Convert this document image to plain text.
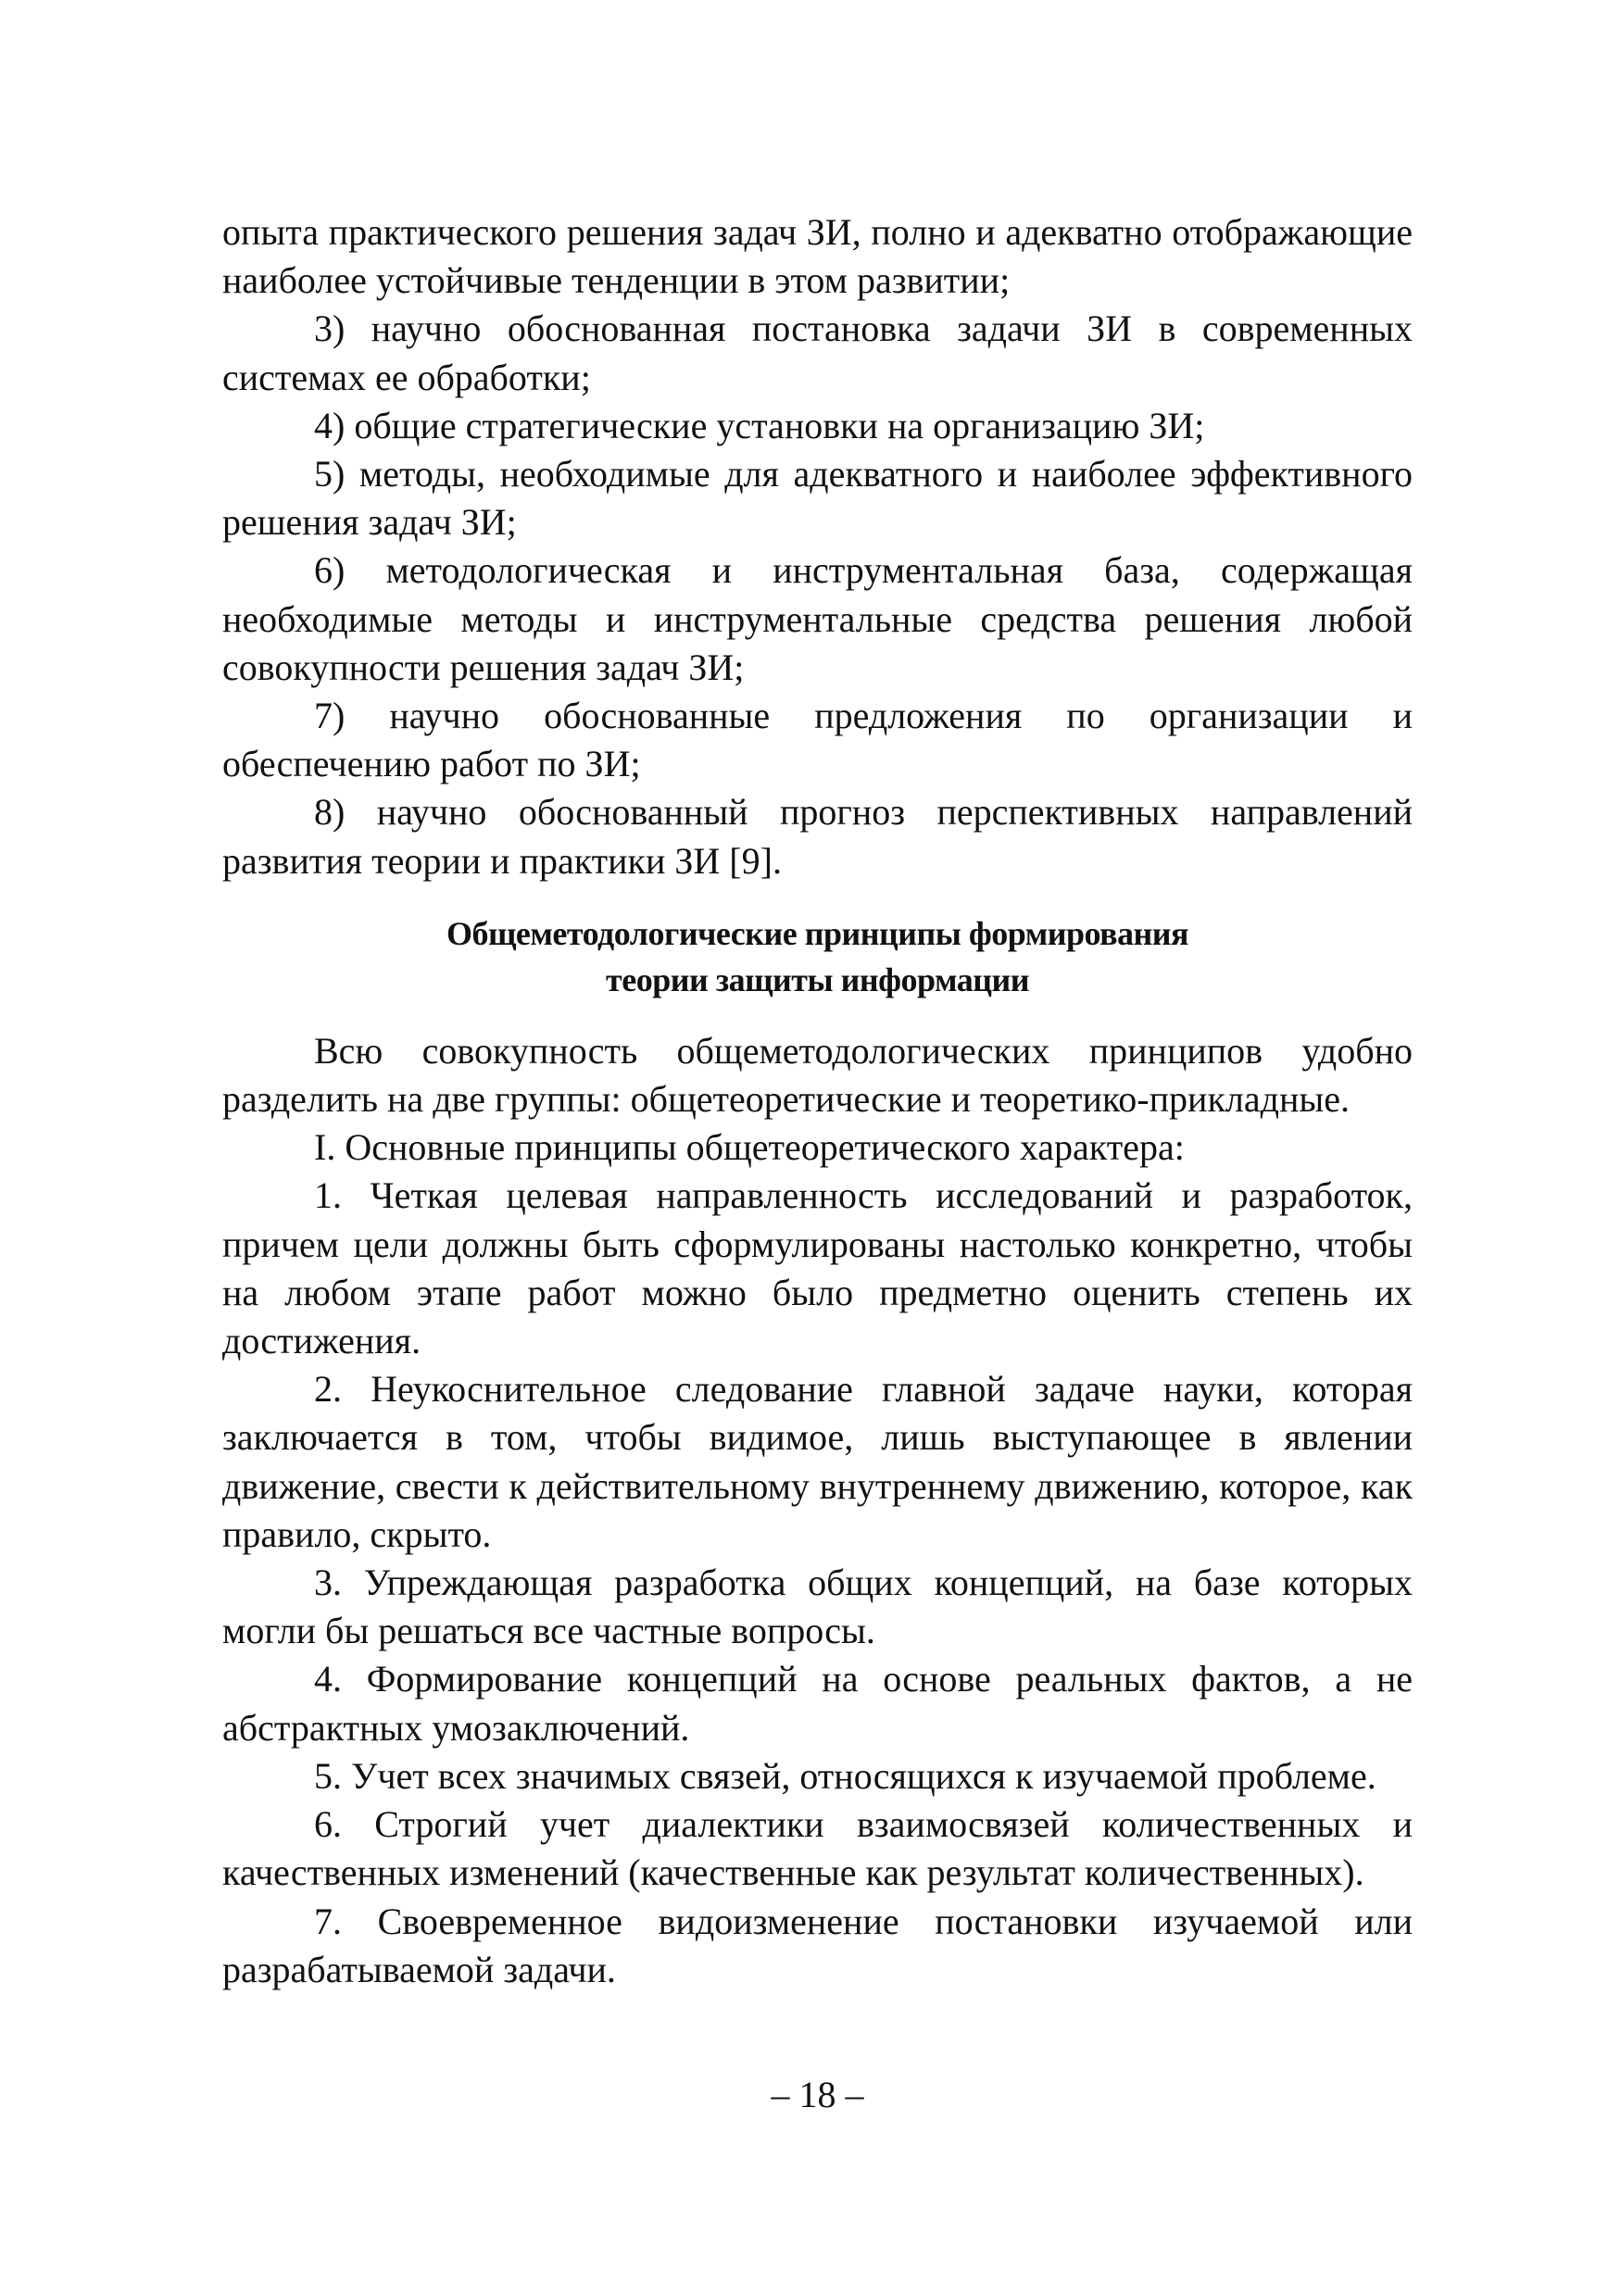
опыта практического решения задач ЗИ, полно и адекватно отображающие наиболее устойчивые тенденции в этом развитии;

3) научно обоснованная постановка задачи ЗИ в современных системах ее обработки;

4) общие стратегические установки на организацию ЗИ;

5) методы, необходимые для адекватного и наиболее эффективного решения задач ЗИ;

6) методологическая и инструментальная база, содержащая необходимые методы и инструментальные средства решения любой совокупности решения задач ЗИ;

7) научно обоснованные предложения по организации и обеспечению работ по ЗИ;

8) научно обоснованный прогноз перспективных направлений развития теории и практики ЗИ [9].

Общеметодологические принципы формирования
теории защиты информации

Всю совокупность общеметодологических принципов удобно разделить на две группы: общетеоретические и теоретико-прикладные.

I. Основные принципы общетеоретического характера:

1. Четкая целевая направленность исследований и разработок, причем цели должны быть сформулированы настолько конкретно, чтобы на любом этапе работ можно было предметно оценить степень их достижения.

2. Неукоснительное следование главной задаче науки, которая заключается в том, чтобы видимое, лишь выступающее в явлении движение, свести к действительному внутреннему движению, которое, как правило, скрыто.

3. Упреждающая разработка общих концепций, на базе которых могли бы решаться все частные вопросы.

4. Формирование концепций на основе реальных фактов, а не абстрактных умозаключений.

5. Учет всех значимых связей, относящихся к изучаемой проблеме.

6. Строгий учет диалектики взаимосвязей количественных и качественных изменений (качественные как результат количественных).

7. Своевременное видоизменение постановки изучаемой или разрабатываемой задачи.

– 18 –
